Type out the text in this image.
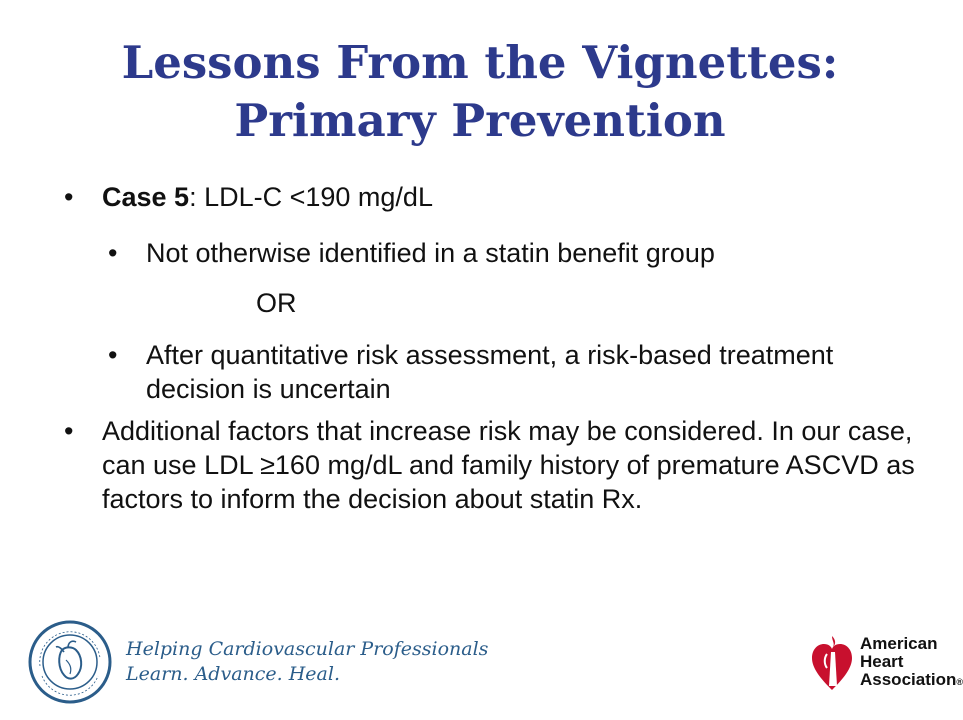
Lessons From the Vignettes:
Primary Prevention
• Case 5: LDL-C <190 mg/dL
• Not otherwise identified in a statin benefit group
OR
• After quantitative risk assessment, a risk-based treatment decision is uncertain
• Additional factors that increase risk may be considered. In our case, can use LDL ≥160 mg/dL and family history of premature ASCVD as factors to inform the decision about statin Rx.
Helping Cardiovascular Professionals
Learn. Advance. Heal.
American
Heart
Association®
